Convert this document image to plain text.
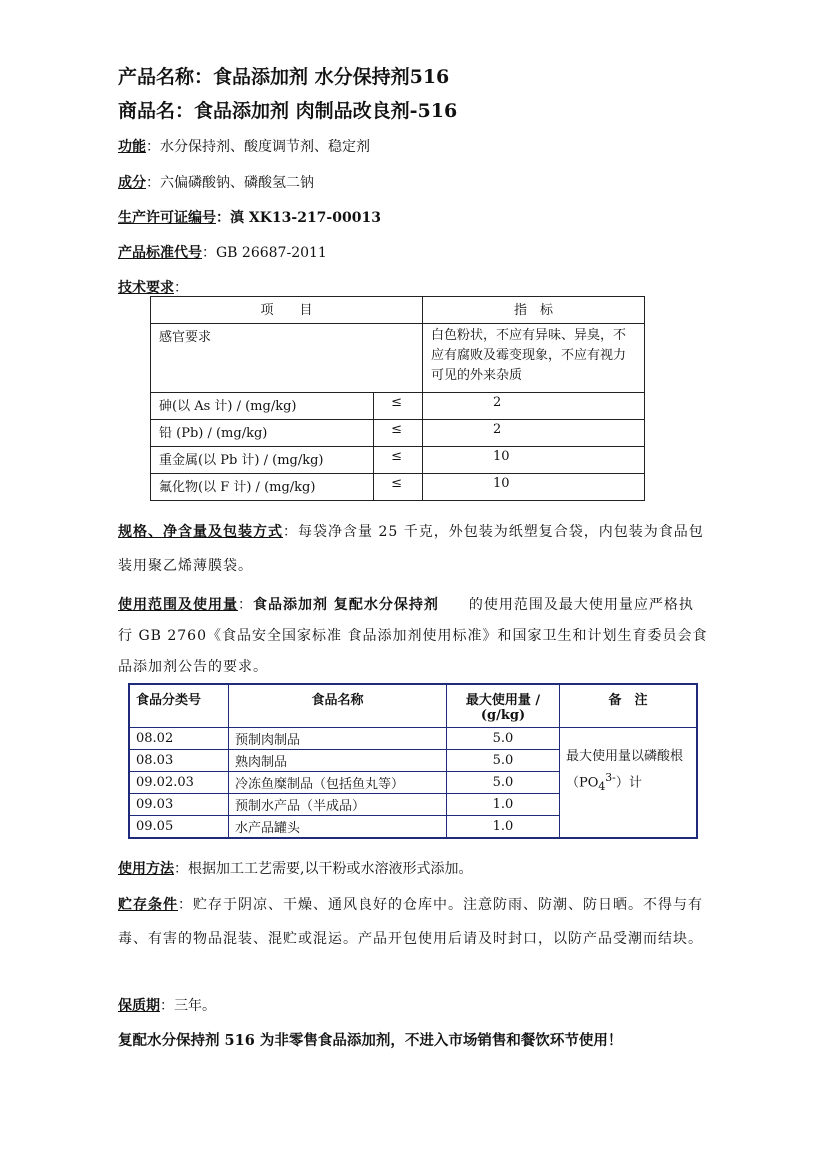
产品名称：食品添加剂 水分保持剂516
商品名：食品添加剂 肉制品改良剂-516
功能：水分保持剂、酸度调节剂、稳定剂
成分：六偏磷酸钠、磷酸氢二钠
生产许可证编号：滇 XK13-217-00013
产品标准代号：GB 26687-2011
技术要求：
项　　目		指　标
感官要求		白色粉状，不应有异味、异臭，不应有腐败及霉变现象，不应有视力可见的外来杂质
砷(以 As 计) / (mg/kg)	≤	2
铅 (Pb) / (mg/kg)	≤	2
重金属(以 Pb 计) / (mg/kg)	≤	10
氟化物(以 F 计) / (mg/kg)	≤	10
规格、净含量及包装方式：每袋净含量 25 千克，外包装为纸塑复合袋，内包装为食品包装用聚乙烯薄膜袋。
使用范围及使用量：食品添加剂 复配水分保持剂　　 的使用范围及最大使用量应严格执行 GB 2760《食品安全国家标准 食品添加剂使用标准》和国家卫生和计划生育委员会食品添加剂公告的要求。
食品分类号	食品名称	最大使用量 / (g/kg)	备　注
08.02	预制肉制品	5.0	最大使用量以磷酸根$(PO_4^{3-})$计
08.03	熟肉制品	5.0	
09.02.03	冷冻鱼糜制品（包括鱼丸等）	5.0	
09.03	预制水产品（半成品）	1.0	
09.05	水产品罐头	1.0	
使用方法：根据加工工艺需要,以干粉或水溶液形式添加。
贮存条件：贮存于阴凉、干燥、通风良好的仓库中。注意防雨、防潮、防日晒。不得与有毒、有害的物品混装、混贮或混运。产品开包使用后请及时封口，以防产品受潮而结块。
保质期：三年。
复配水分保持剂 516 为非零售食品添加剂，不进入市场销售和餐饮环节使用！
